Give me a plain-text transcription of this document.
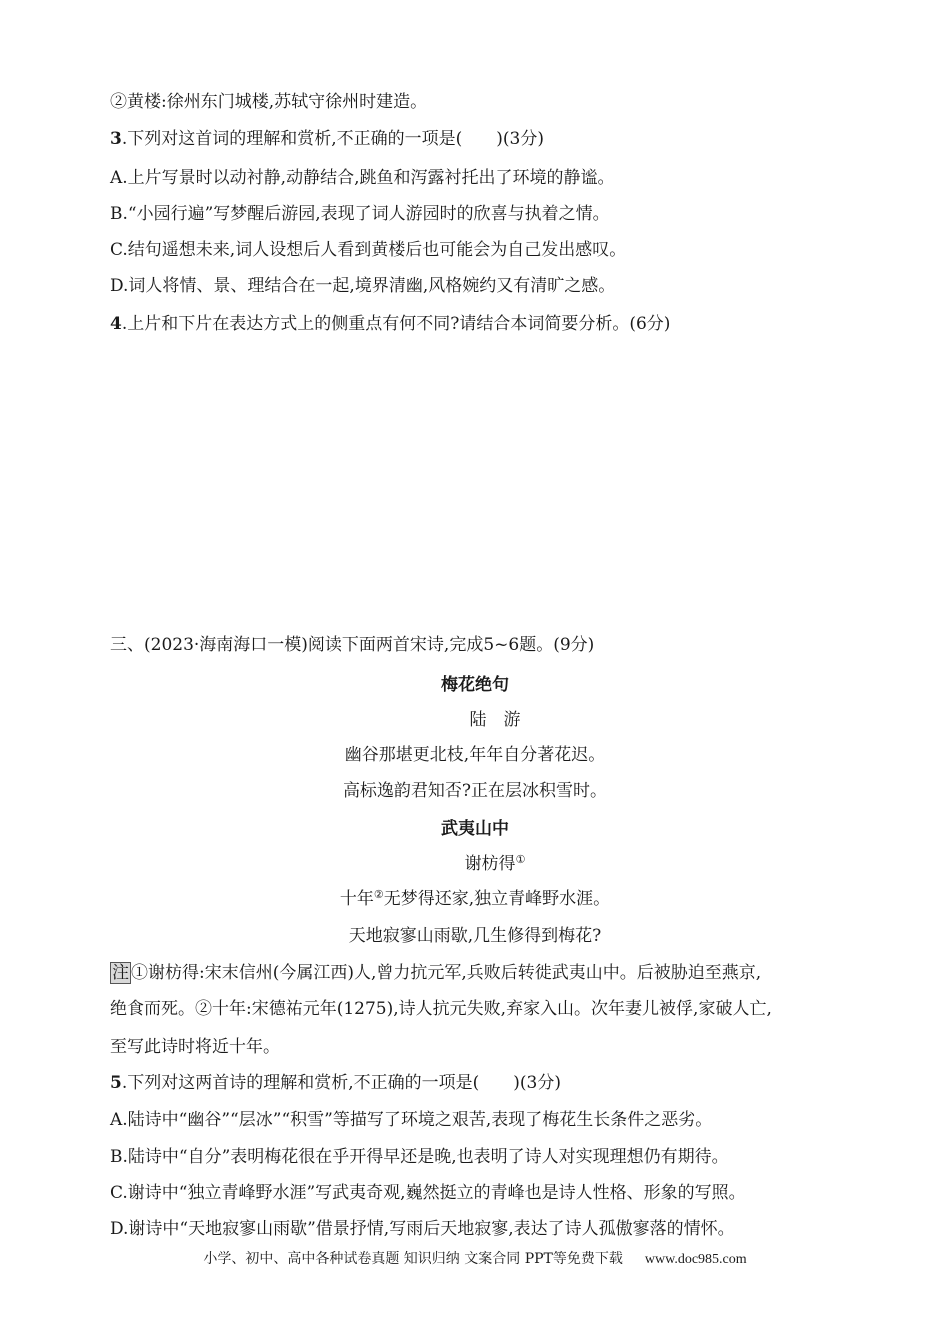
②黄楼:徐州东门城楼,苏轼守徐州时建造。
3.下列对这首词的理解和赏析,不正确的一项是(　　)(3分)
A.上片写景时以动衬静,动静结合,跳鱼和泻露衬托出了环境的静谧。
B.“小园行遍”写梦醒后游园,表现了词人游园时的欣喜与执着之情。
C.结句遥想未来,词人设想后人看到黄楼后也可能会为自己发出感叹。
D.词人将情、景、理结合在一起,境界清幽,风格婉约又有清旷之感。
4.上片和下片在表达方式上的侧重点有何不同?请结合本词简要分析。(6分)
三、(2023·海南海口一模)阅读下面两首宋诗,完成5~6题。(9分)
梅花绝句
陆　游
幽谷那堪更北枝,年年自分著花迟。
高标逸韵君知否?正在层冰积雪时。
武夷山中
谢枋得①
十年②无梦得还家,独立青峰野水涯。
天地寂寥山雨歇,几生修得到梅花?
注 ①谢枋得:宋末信州(今属江西)人,曾力抗元军,兵败后转徙武夷山中。后被胁迫至燕京,
绝食而死。②十年:宋德祐元年(1275),诗人抗元失败,弃家入山。次年妻儿被俘,家破人亡,
至写此诗时将近十年。
5.下列对这两首诗的理解和赏析,不正确的一项是(　　)(3分)
A.陆诗中“幽谷”“层冰”“积雪”等描写了环境之艰苦,表现了梅花生长条件之恶劣。
B.陆诗中“自分”表明梅花很在乎开得早还是晚,也表明了诗人对实现理想仍有期待。
C.谢诗中“独立青峰野水涯”写武夷奇观,巍然挺立的青峰也是诗人性格、形象的写照。
D.谢诗中“天地寂寥山雨歇”借景抒情,写雨后天地寂寥,表达了诗人孤傲寥落的情怀。
小学、初中、高中各种试卷真题 知识归纳 文案合同 PPT等免费下载 www.doc985.com
